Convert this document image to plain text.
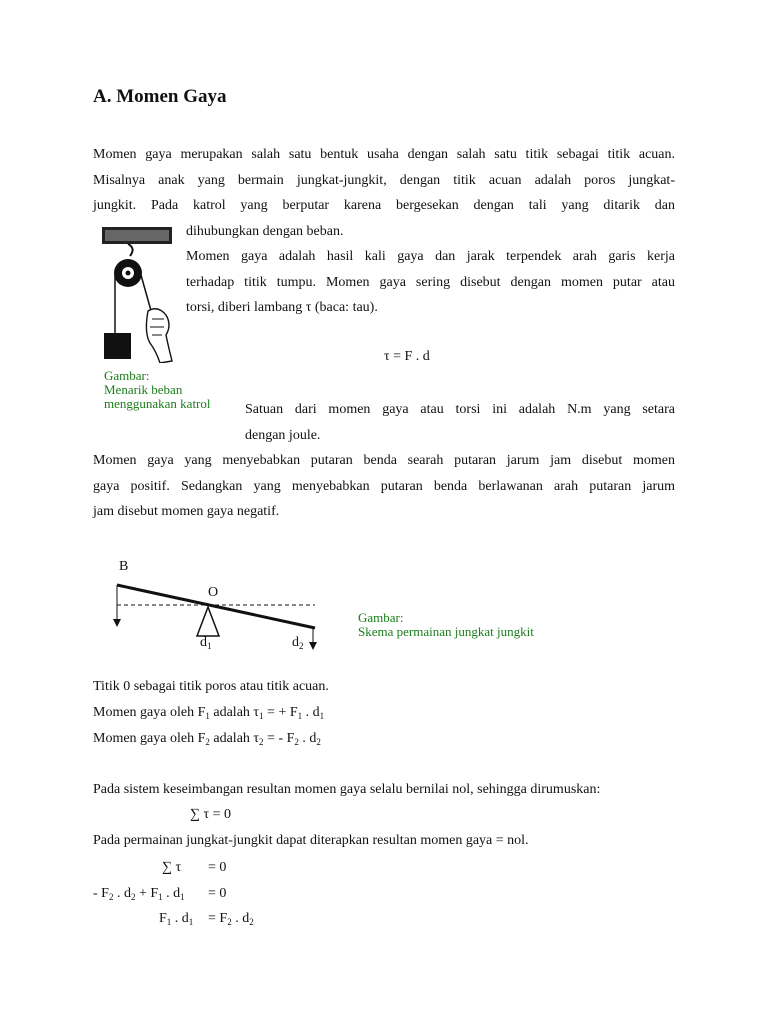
A. Momen Gaya
Momen gaya merupakan salah satu bentuk usaha dengan salah satu titik sebagai titik acuan.
Misalnya anak yang bermain jungkat-jungkit, dengan titik acuan adalah poros jungkat-
jungkit. Pada katrol yang berputar karena bergesekan dengan tali yang ditarik dan
dihubungkan dengan beban.
Gambar:
Menarik beban
menggunakan katrol
Momen gaya adalah hasil kali gaya dan jarak terpendek arah garis kerja
terhadap titik tumpu. Momen gaya sering disebut dengan momen putar atau
torsi, diberi lambang τ (baca: tau).
τ = F . d
Satuan dari momen gaya atau torsi ini adalah N.m yang setara
dengan joule.
Momen gaya yang menyebabkan putaran benda searah putaran jarum jam disebut momen
gaya positif. Sedangkan yang menyebabkan putaran benda berlawanan arah putaran jarum
jam disebut momen gaya negatif.
B
O
$d_1$	$d_2$
Gambar:
Skema permainan jungkat jungkit
Titik 0 sebagai titik poros atau titik acuan.
Momen gaya oleh $F_1$ adalah $\tau_1$ = + $F_1$ . $d_1$
Momen gaya oleh $F_2$ adalah $\tau_2$ = - $F_2$ . $d_2$
Pada sistem keseimbangan resultan momen gaya selalu bernilai nol, sehingga dirumuskan:
∑ τ = 0
Pada permainan jungkat-jungkit dapat diterapkan resultan momen gaya = nol.
∑ τ = 0
- $F_2$ . $d_2 + F_1$ . $d_1 = 0$
$F_1$ . $d_1 = F_2$ . $d_2$
